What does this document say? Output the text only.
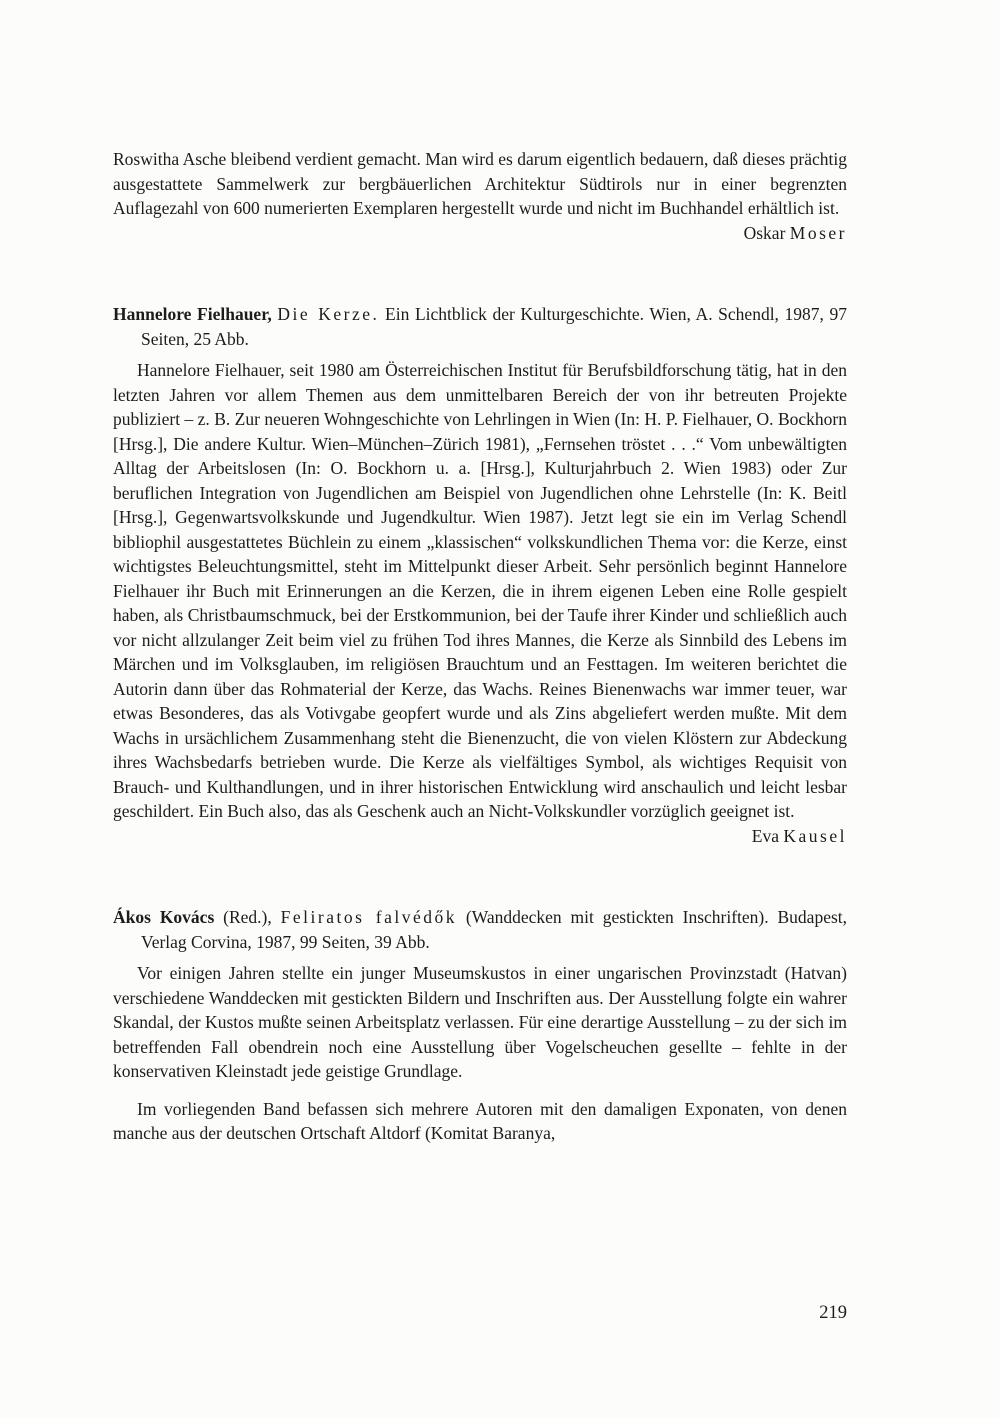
Roswitha Asche bleibend verdient gemacht. Man wird es darum eigentlich bedauern, daß dieses prächtig ausgestattete Sammelwerk zur bergbäuerlichen Architektur Südtirols nur in einer begrenzten Auflagezahl von 600 numerierten Exemplaren hergestellt wurde und nicht im Buchhandel erhältlich ist.

Oskar Moser

Hannelore Fielhauer, Die Kerze. Ein Lichtblick der Kulturgeschichte. Wien, A. Schendl, 1987, 97 Seiten, 25 Abb.

Hannelore Fielhauer, seit 1980 am Österreichischen Institut für Berufsbildforschung tätig, hat in den letzten Jahren vor allem Themen aus dem unmittelbaren Bereich der von ihr betreuten Projekte publiziert – z. B. Zur neueren Wohngeschichte von Lehrlingen in Wien (In: H. P. Fielhauer, O. Bockhorn [Hrsg.], Die andere Kultur. Wien–München–Zürich 1981), „Fernsehen tröstet . . .“ Vom unbewältigten Alltag der Arbeitslosen (In: O. Bockhorn u. a. [Hrsg.], Kulturjahrbuch 2. Wien 1983) oder Zur beruflichen Integration von Jugendlichen am Beispiel von Jugendlichen ohne Lehrstelle (In: K. Beitl [Hrsg.], Gegenwartsvolkskunde und Jugendkultur. Wien 1987). Jetzt legt sie ein im Verlag Schendl bibliophil ausgestattetes Büchlein zu einem „klassischen“ volkskundlichen Thema vor: die Kerze, einst wichtigstes Beleuchtungsmittel, steht im Mittelpunkt dieser Arbeit. Sehr persönlich beginnt Hannelore Fielhauer ihr Buch mit Erinnerungen an die Kerzen, die in ihrem eigenen Leben eine Rolle gespielt haben, als Christbaumschmuck, bei der Erstkommunion, bei der Taufe ihrer Kinder und schließlich auch vor nicht allzulanger Zeit beim viel zu frühen Tod ihres Mannes, die Kerze als Sinnbild des Lebens im Märchen und im Volksglauben, im religiösen Brauchtum und an Festtagen. Im weiteren berichtet die Autorin dann über das Rohmaterial der Kerze, das Wachs. Reines Bienenwachs war immer teuer, war etwas Besonderes, das als Votivgabe geopfert wurde und als Zins abgeliefert werden mußte. Mit dem Wachs in ursächlichem Zusammenhang steht die Bienenzucht, die von vielen Klöstern zur Abdeckung ihres Wachsbedarfs betrieben wurde. Die Kerze als vielfältiges Symbol, als wichtiges Requisit von Brauch- und Kulthandlungen, und in ihrer historischen Entwicklung wird anschaulich und leicht lesbar geschildert. Ein Buch also, das als Geschenk auch an Nicht-Volkskundler vorzüglich geeignet ist.

Eva Kausel

Ákos Kovács (Red.), Feliratos falvédők (Wanddecken mit gestickten Inschriften). Budapest, Verlag Corvina, 1987, 99 Seiten, 39 Abb.

Vor einigen Jahren stellte ein junger Museumskustos in einer ungarischen Provinzstadt (Hatvan) verschiedene Wanddecken mit gestickten Bildern und Inschriften aus. Der Ausstellung folgte ein wahrer Skandal, der Kustos mußte seinen Arbeitsplatz verlassen. Für eine derartige Ausstellung – zu der sich im betreffenden Fall obendrein noch eine Ausstellung über Vogelscheuchen gesellte – fehlte in der konservativen Kleinstadt jede geistige Grundlage.

Im vorliegenden Band befassen sich mehrere Autoren mit den damaligen Exponaten, von denen manche aus der deutschen Ortschaft Altdorf (Komitat Baranya,

219
